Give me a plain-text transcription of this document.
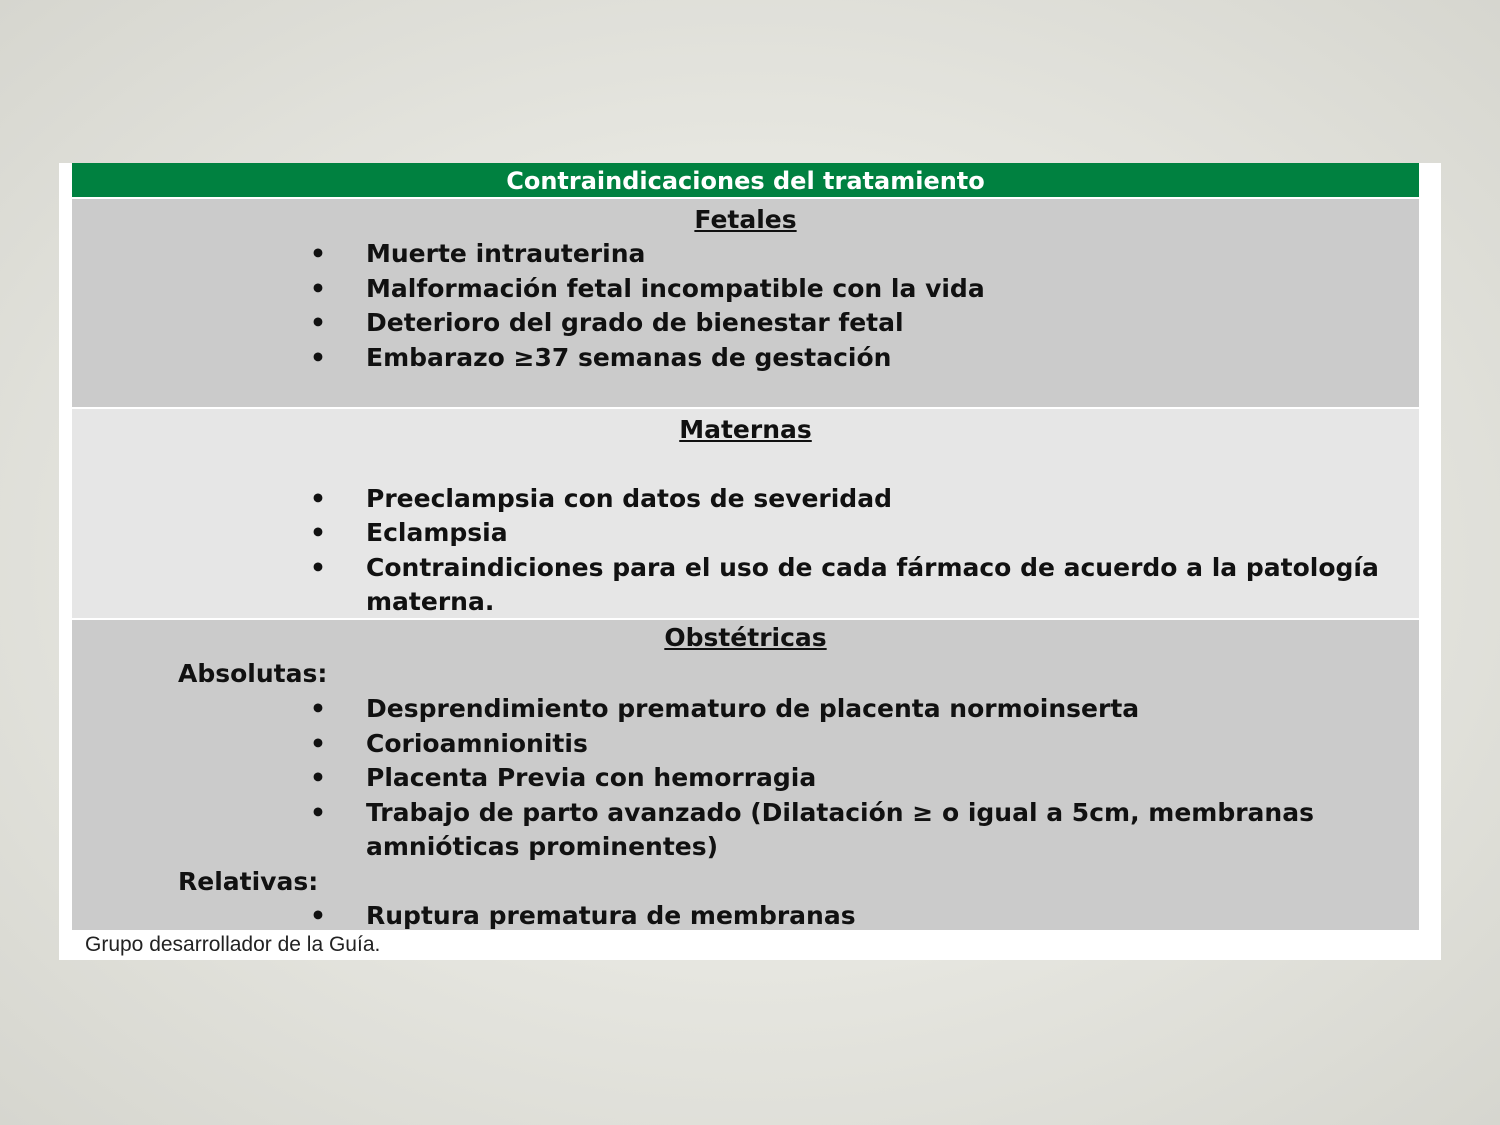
Contraindicaciones del tratamiento
Fetales
• Muerte intrauterina
• Malformación fetal incompatible con la vida
• Deterioro del grado de bienestar fetal
• Embarazo ≥37 semanas de gestación
Maternas
• Preeclampsia con datos de severidad
• Eclampsia
• Contraindiciones para el uso de cada fármaco de acuerdo a la patología materna.
Obstétricas
Absolutas:
• Desprendimiento prematuro de placenta normoinserta
• Corioamnionitis
• Placenta Previa con hemorragia
• Trabajo de parto avanzado (Dilatación ≥ o igual a 5cm, membranas amnióticas prominentes)
Relativas:
• Ruptura prematura de membranas
Grupo desarrollador de la Guía.
